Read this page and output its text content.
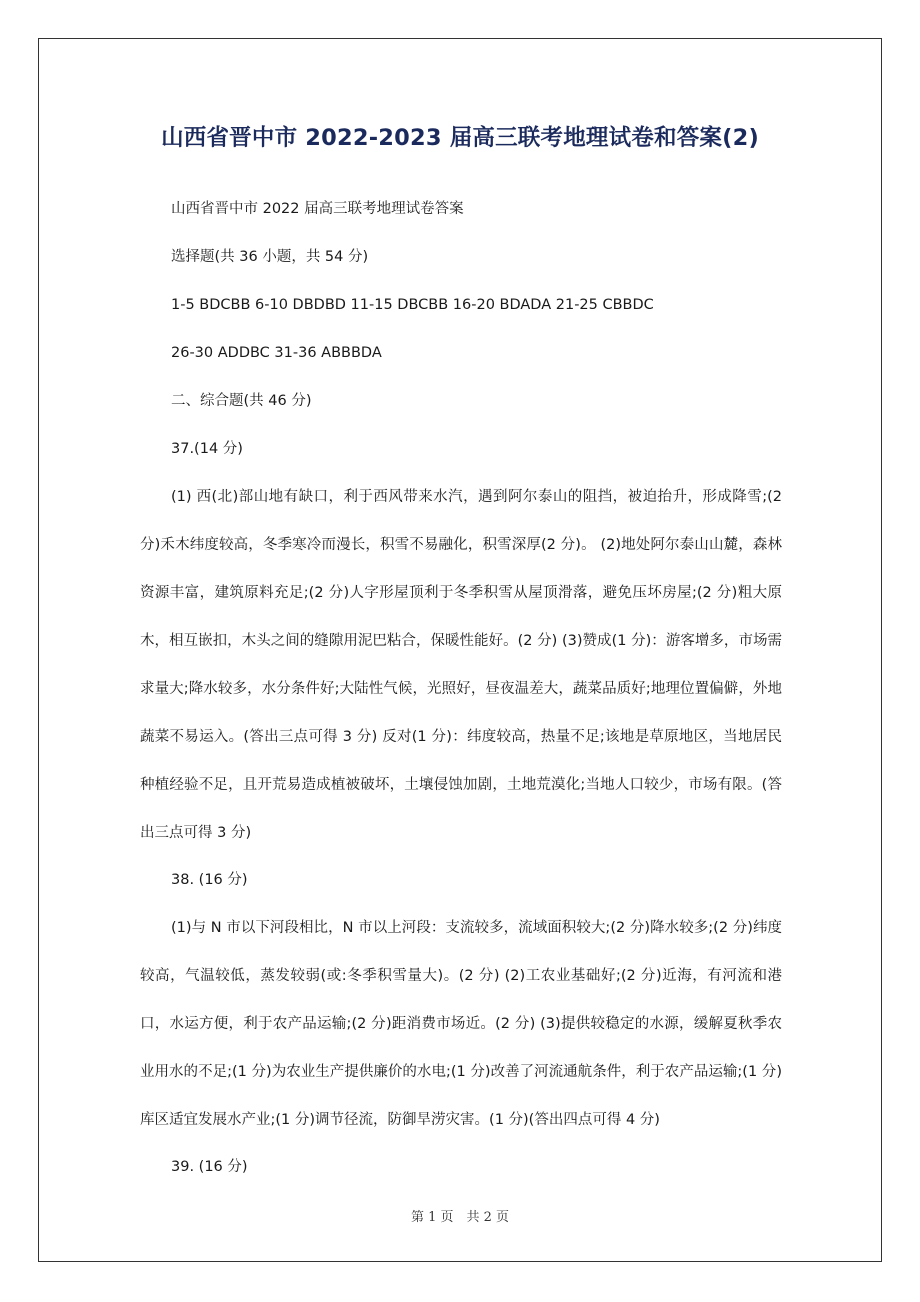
山西省晋中市 2022-2023 届高三联考地理试卷和答案(2)

山西省晋中市 2022 届高三联考地理试卷答案

选择题(共 36 小题，共 54 分)

1-5 BDCBB 6-10 DBDBD 11-15 DBCBB 16-20 BDADA 21-25 CBBDC

26-30 ADDBC 31-36 ABBBDA

二、综合题(共 46 分)

37.(14 分)

(1) 西(北)部山地有缺口，利于西风带来水汽，遇到阿尔泰山的阻挡，被迫抬升，形成降雪;(2 分)禾木纬度较高，冬季寒冷而漫长，积雪不易融化，积雪深厚(2 分)。 (2)地处阿尔泰山山麓，森林资源丰富，建筑原料充足;(2 分)人字形屋顶利于冬季积雪从屋顶滑落，避免压坏房屋;(2 分)粗大原木，相互嵌扣，木头之间的缝隙用泥巴粘合，保暖性能好。(2 分) (3)赞成(1 分)：游客增多，市场需求量大;降水较多，水分条件好;大陆性气候，光照好，昼夜温差大，蔬菜品质好;地理位置偏僻，外地蔬菜不易运入。(答出三点可得 3 分) 反对(1 分)：纬度较高，热量不足;该地是草原地区，当地居民种植经验不足，且开荒易造成植被破坏，土壤侵蚀加剧，土地荒漠化;当地人口较少，市场有限。(答出三点可得 3 分)

38. (16 分)

(1)与 N 市以下河段相比，N 市以上河段：支流较多，流域面积较大;(2 分)降水较多;(2 分)纬度较高，气温较低，蒸发较弱(或:冬季积雪量大)。(2 分) (2)工农业基础好;(2 分)近海，有河流和港口，水运方便，利于农产品运输;(2 分)距消费市场近。(2 分) (3)提供较稳定的水源，缓解夏秋季农业用水的不足;(1 分)为农业生产提供廉价的水电;(1 分)改善了河流通航条件，利于农产品运输;(1 分)库区适宜发展水产业;(1 分)调节径流，防御旱涝灾害。(1 分)(答出四点可得 4 分)

39. (16 分)

第 1 页　共 2 页
